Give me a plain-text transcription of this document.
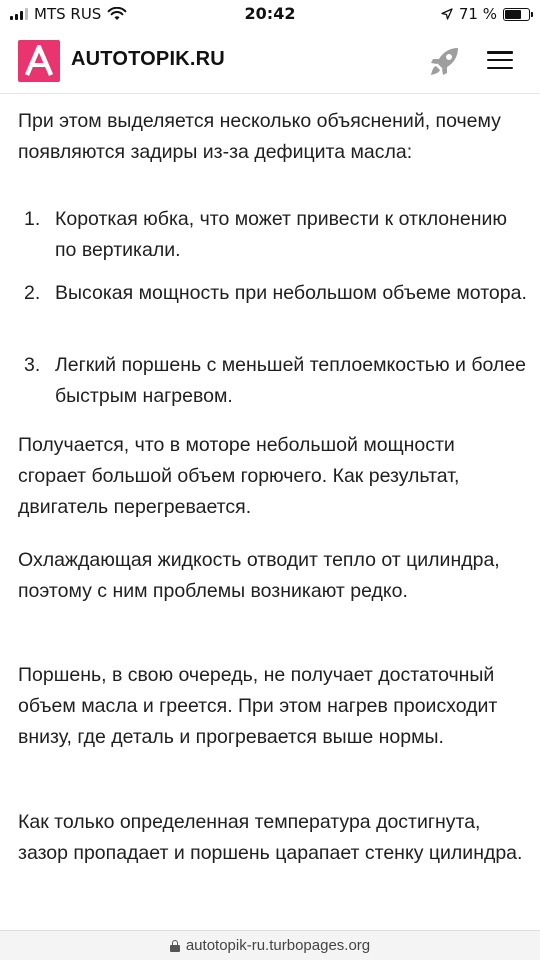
MTS RUS	20:42	71 %
AUTOTOPIK.RU

При этом выделяется несколько объяснений, почему появляются задиры из-за дефицита масла:

1. Короткая юбка, что может привести к отклонению по вертикали.
2. Высокая мощность при небольшом объеме мотора.
3. Легкий поршень с меньшей теплоемкостью и более быстрым нагревом.

Получается, что в моторе небольшой мощности сгорает большой объем горючего. Как результат, двигатель перегревается.

Охлаждающая жидкость отводит тепло от цилиндра, поэтому с ним проблемы возникают редко.

Поршень, в свою очередь, не получает достаточный объем масла и греется. При этом нагрев происходит внизу, где деталь и прогревается выше нормы.

Как только определенная температура достигнута, зазор пропадает и поршень царапает стенку цилиндра.

autotopik-ru.turbopages.org
